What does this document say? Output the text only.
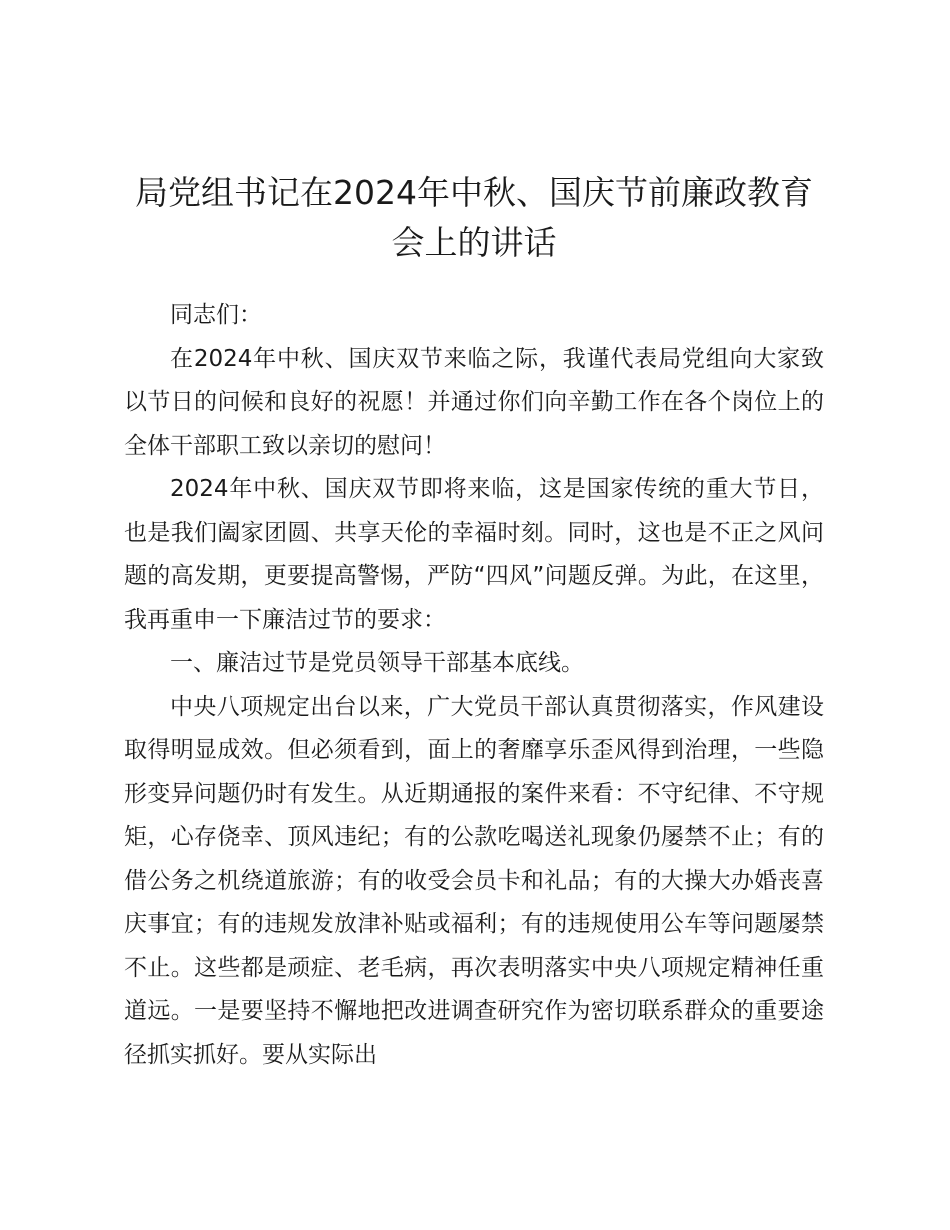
局党组书记在2024年中秋、国庆节前廉政教育会上的讲话

同志们：

在2024年中秋、国庆双节来临之际，我谨代表局党组向大家致以节日的问候和良好的祝愿！并通过你们向辛勤工作在各个岗位上的全体干部职工致以亲切的慰问！

2024年中秋、国庆双节即将来临，这是国家传统的重大节日，也是我们阖家团圆、共享天伦的幸福时刻。同时，这也是不正之风问题的高发期，更要提高警惕，严防“四风”问题反弹。为此，在这里，我再重申一下廉洁过节的要求：

一、廉洁过节是党员领导干部基本底线。

中央八项规定出台以来，广大党员干部认真贯彻落实，作风建设取得明显成效。但必须看到，面上的奢靡享乐歪风得到治理，一些隐形变异问题仍时有发生。从近期通报的案件来看：不守纪律、不守规矩，心存侥幸、顶风违纪；有的公款吃喝送礼现象仍屡禁不止；有的借公务之机绕道旅游；有的收受会员卡和礼品；有的大操大办婚丧喜庆事宜；有的违规发放津补贴或福利；有的违规使用公车等问题屡禁不止。这些都是顽症、老毛病，再次表明落实中央八项规定精神任重道远。一是要坚持不懈地把改进调查研究作为密切联系群众的重要途径抓实抓好。要从实际出
